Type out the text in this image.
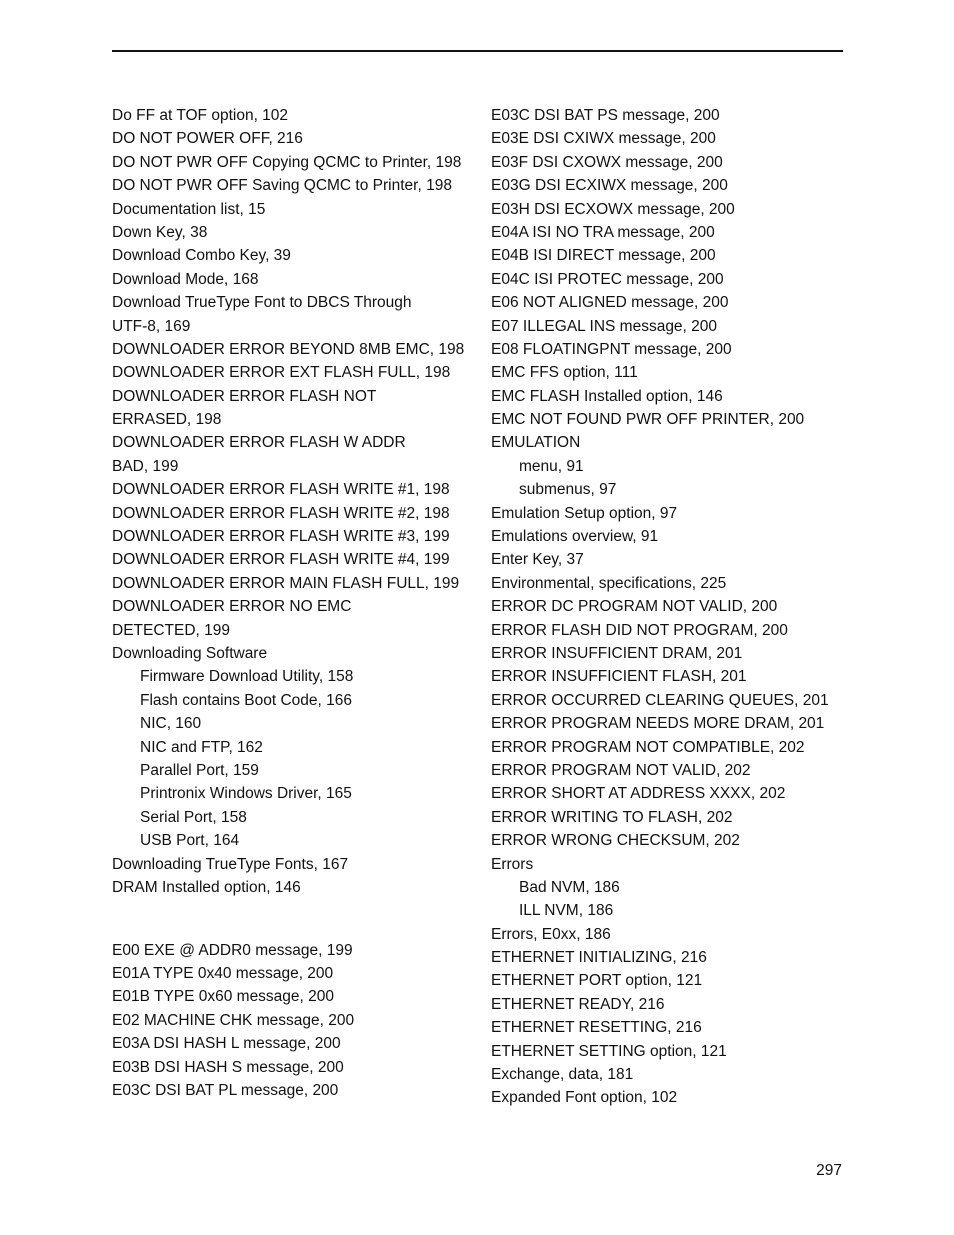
Do FF at TOF option, 102
DO NOT POWER OFF, 216
DO NOT PWR OFF Copying QCMC to Printer, 198
DO NOT PWR OFF Saving QCMC to Printer, 198
Documentation list, 15
Down Key, 38
Download Combo Key, 39
Download Mode, 168
Download TrueType Font to DBCS Through
UTF-8, 169
DOWNLOADER ERROR BEYOND 8MB EMC, 198
DOWNLOADER ERROR EXT FLASH FULL, 198
DOWNLOADER ERROR FLASH NOT
ERRASED, 198
DOWNLOADER ERROR FLASH W ADDR
BAD, 199
DOWNLOADER ERROR FLASH WRITE #1, 198
DOWNLOADER ERROR FLASH WRITE #2, 198
DOWNLOADER ERROR FLASH WRITE #3, 199
DOWNLOADER ERROR FLASH WRITE #4, 199
DOWNLOADER ERROR MAIN FLASH FULL, 199
DOWNLOADER ERROR NO EMC
DETECTED, 199
Downloading Software
Firmware Download Utility, 158
Flash contains Boot Code, 166
NIC, 160
NIC and FTP, 162
Parallel Port, 159
Printronix Windows Driver, 165
Serial Port, 158
USB Port, 164
Downloading TrueType Fonts, 167
DRAM Installed option, 146
E00 EXE @ ADDR0 message, 199
E01A TYPE 0x40 message, 200
E01B TYPE 0x60 message, 200
E02 MACHINE CHK message, 200
E03A DSI HASH L message, 200
E03B DSI HASH S message, 200
E03C DSI BAT PL message, 200
E03C DSI BAT PS message, 200
E03E DSI CXIWX message, 200
E03F DSI CXOWX message, 200
E03G DSI ECXIWX message, 200
E03H DSI ECXOWX message, 200
E04A ISI NO TRA message, 200
E04B ISI DIRECT message, 200
E04C ISI PROTEC message, 200
E06 NOT ALIGNED message, 200
E07 ILLEGAL INS message, 200
E08 FLOATINGPNT message, 200
EMC FFS option, 111
EMC FLASH Installed option, 146
EMC NOT FOUND PWR OFF PRINTER, 200
EMULATION
menu, 91
submenus, 97
Emulation Setup option, 97
Emulations overview, 91
Enter Key, 37
Environmental, specifications, 225
ERROR DC PROGRAM NOT VALID, 200
ERROR FLASH DID NOT PROGRAM, 200
ERROR INSUFFICIENT DRAM, 201
ERROR INSUFFICIENT FLASH, 201
ERROR OCCURRED CLEARING QUEUES, 201
ERROR PROGRAM NEEDS MORE DRAM, 201
ERROR PROGRAM NOT COMPATIBLE, 202
ERROR PROGRAM NOT VALID, 202
ERROR SHORT AT ADDRESS XXXX, 202
ERROR WRITING TO FLASH, 202
ERROR WRONG CHECKSUM, 202
Errors
Bad NVM, 186
ILL NVM, 186
Errors, E0xx, 186
ETHERNET INITIALIZING, 216
ETHERNET PORT option, 121
ETHERNET READY, 216
ETHERNET RESETTING, 216
ETHERNET SETTING option, 121
Exchange, data, 181
Expanded Font option, 102
297
